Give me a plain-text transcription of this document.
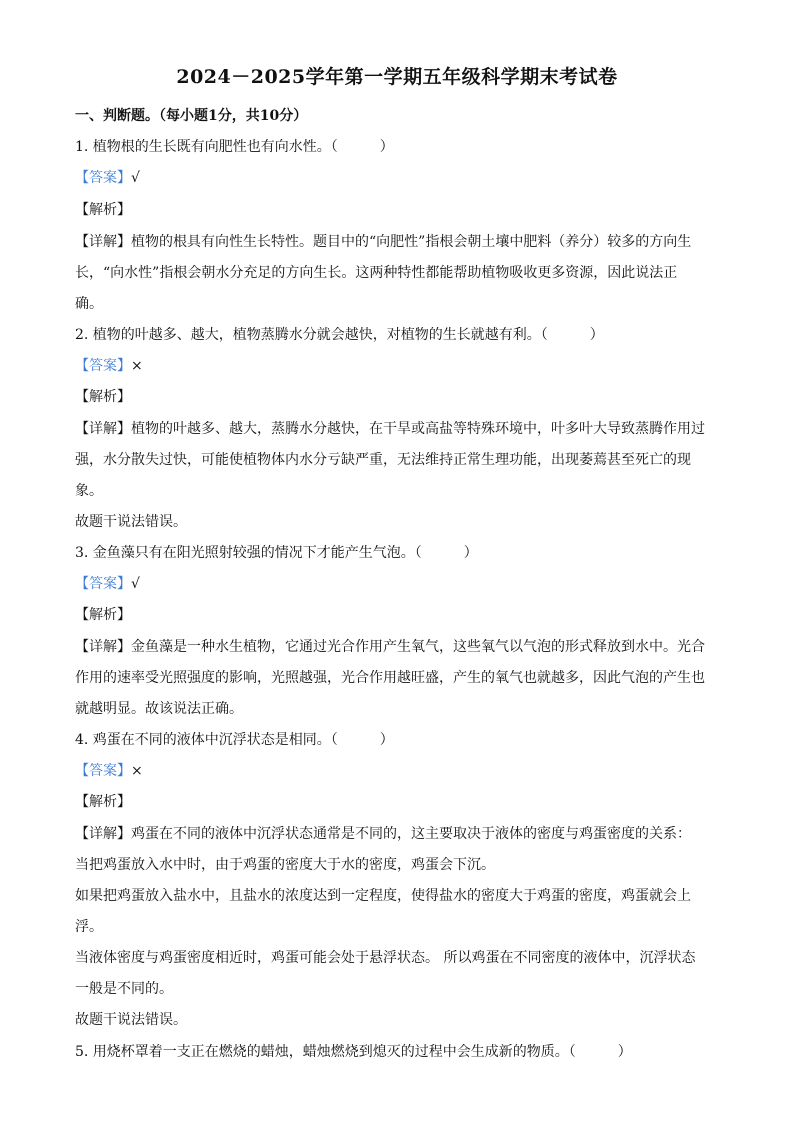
2024－2025学年第一学期五年级科学期末考试卷
一、判断题。（每小题1分，共10分）
1. 植物根的生长既有向肥性也有向水性。（　　　）
【答案】√
【解析】
【详解】植物的根具有向性生长特性。题目中的“向肥性”指根会朝土壤中肥料（养分）较多的方向生
长，“向水性”指根会朝水分充足的方向生长。这两种特性都能帮助植物吸收更多资源，因此说法正
确。
2. 植物的叶越多、越大，植物蒸腾水分就会越快，对植物的生长就越有利。（　　　）
【答案】×
【解析】
【详解】植物的叶越多、越大，蒸腾水分越快，在干旱或高盐等特殊环境中，叶多叶大导致蒸腾作用过
强，水分散失过快，可能使植物体内水分亏缺严重，无法维持正常生理功能，出现萎蔫甚至死亡的现
象。
故题干说法错误。
3. 金鱼藻只有在阳光照射较强的情况下才能产生气泡。（　　　）
【答案】√
【解析】
【详解】金鱼藻是一种水生植物，它通过光合作用产生氧气，这些氧气以气泡的形式释放到水中。光合
作用的速率受光照强度的影响，光照越强，光合作用越旺盛，产生的氧气也就越多，因此气泡的产生也
就越明显。故该说法正确。
4. 鸡蛋在不同的液体中沉浮状态是相同。（　　　）
【答案】×
【解析】
【详解】鸡蛋在不同的液体中沉浮状态通常是不同的，这主要取决于液体的密度与鸡蛋密度的关系：
当把鸡蛋放入水中时，由于鸡蛋的密度大于水的密度，鸡蛋会下沉。
如果把鸡蛋放入盐水中，且盐水的浓度达到一定程度，使得盐水的密度大于鸡蛋的密度，鸡蛋就会上
浮。
当液体密度与鸡蛋密度相近时，鸡蛋可能会处于悬浮状态。 所以鸡蛋在不同密度的液体中，沉浮状态
一般是不同的。
故题干说法错误。
5. 用烧杯罩着一支正在燃烧的蜡烛，蜡烛燃烧到熄灭的过程中会生成新的物质。（　　　）
